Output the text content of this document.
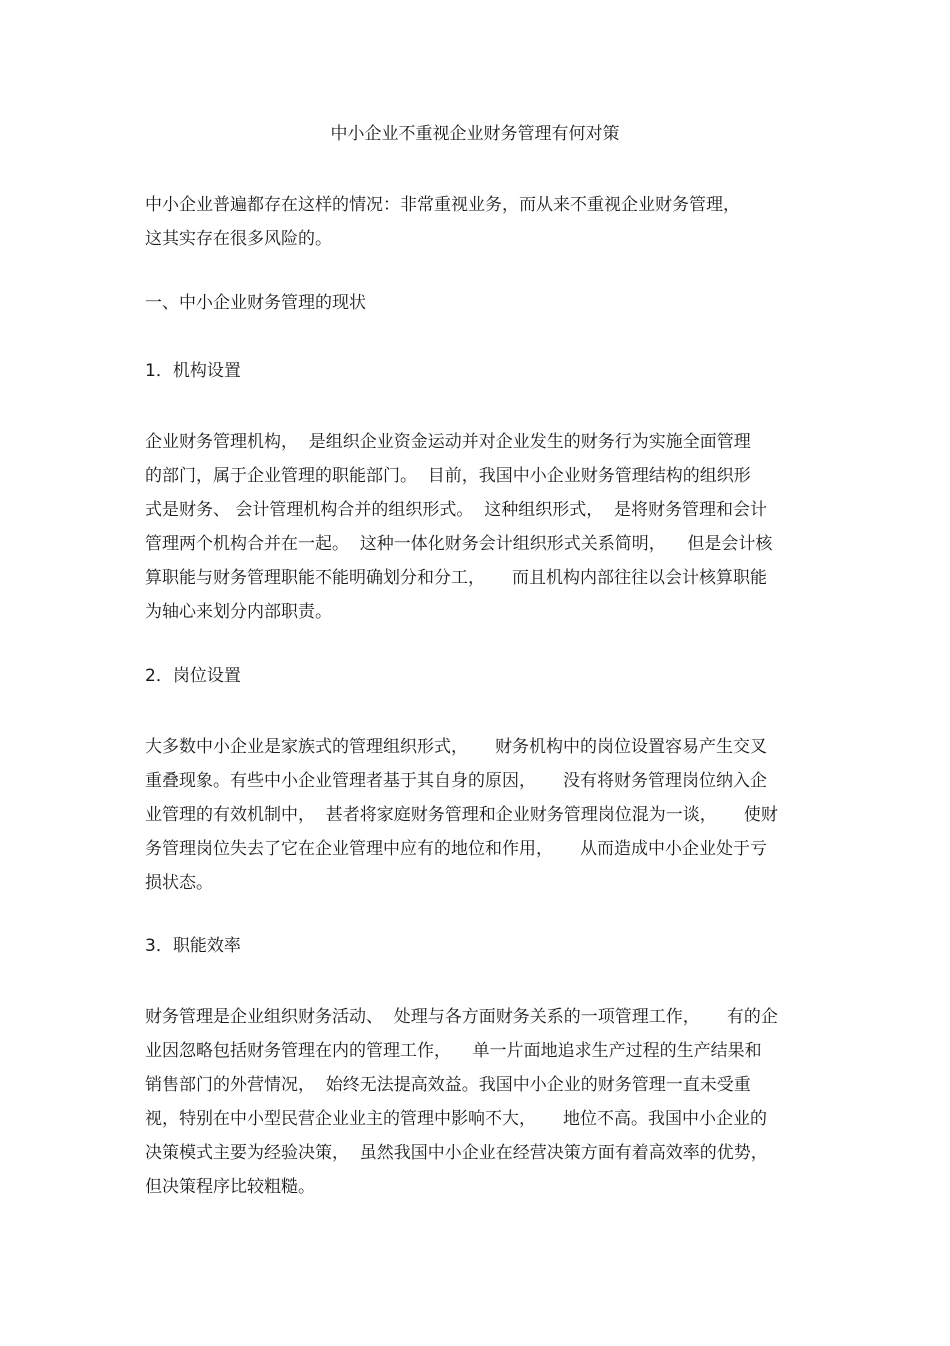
中小企业不重视企业财务管理有何对策
中小企业普遍都存在这样的情况：非常重视业务，而从来不重视企业财务管理，
这其实存在很多风险的。
一、中小企业财务管理的现状
1．机构设置
企业财务管理机构，  是组织企业资金运动并对企业发生的财务行为实施全面管理
的部门，属于企业管理的职能部门。  目前，我国中小企业财务管理结构的组织形
式是财务、 会计管理机构合并的组织形式。  这种组织形式，  是将财务管理和会计
管理两个机构合并在一起。  这种一体化财务会计组织形式关系简明，    但是会计核
算职能与财务管理职能不能明确划分和分工，     而且机构内部往往以会计核算职能
为轴心来划分内部职责。
2．岗位设置
大多数中小企业是家族式的管理组织形式，     财务机构中的岗位设置容易产生交叉
重叠现象。有些中小企业管理者基于其自身的原因，     没有将财务管理岗位纳入企
业管理的有效机制中，  甚者将家庭财务管理和企业财务管理岗位混为一谈，     使财
务管理岗位失去了它在企业管理中应有的地位和作用，     从而造成中小企业处于亏
损状态。
3．职能效率
财务管理是企业组织财务活动、  处理与各方面财务关系的一项管理工作，     有的企
业因忽略包括财务管理在内的管理工作，    单一片面地追求生产过程的生产结果和
销售部门的外营情况，  始终无法提高效益。我国中小企业的财务管理一直未受重
视，特别在中小型民营企业业主的管理中影响不大，     地位不高。我国中小企业的
决策模式主要为经验决策，  虽然我国中小企业在经营决策方面有着高效率的优势，
但决策程序比较粗糙。
